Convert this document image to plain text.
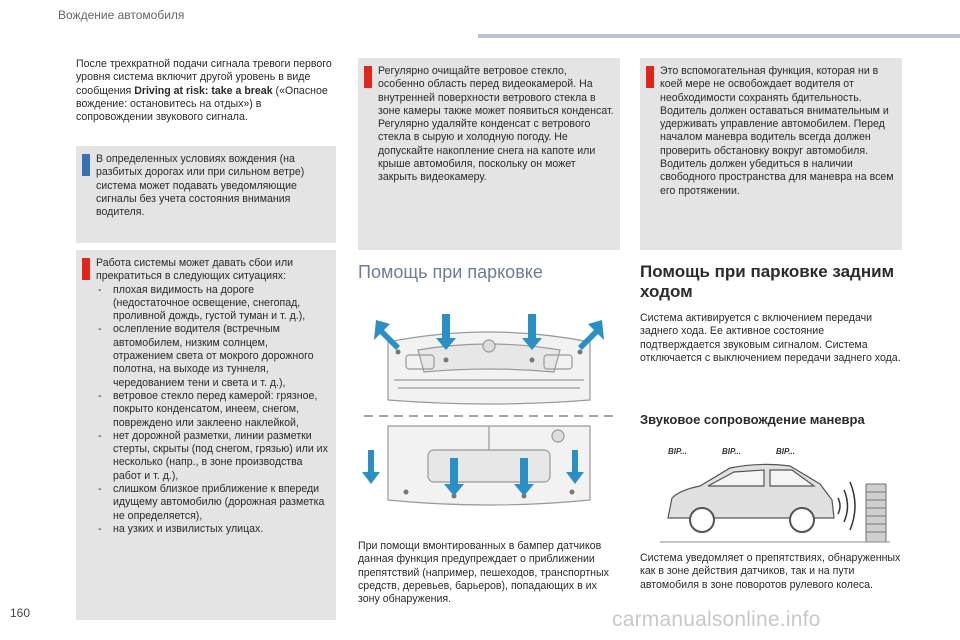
Вождение автомобиля
После трехкратной подачи сигнала тревоги первого уровня система включит другой уровень в виде сообщения Driving at risk: take a break («Опасное вождение: остановитесь на отдых») в сопровождении звукового сигнала.
В определенных условиях вождения (на разбитых дорогах или при сильном ветре) система может подавать уведомляющие сигналы без учета состояния внимания водителя.
Работа системы может давать сбои или прекратиться в следующих ситуациях:
- плохая видимость на дороге (недостаточное освещение, снегопад, проливной дождь, густой туман и т. д.),
- ослепление водителя (встречным автомобилем, низким солнцем, отражением света от мокрого дорожного полотна, на выходе из туннеля, чередованием тени и света и т. д.),
- ветровое стекло перед камерой: грязное, покрыто конденсатом, инеем, снегом, повреждено или заклеено наклейкой,
- нет дорожной разметки, линии разметки стерты, скрыты (под снегом, грязью) или их несколько (напр., в зоне производства работ и т. д.),
- слишком близкое приближение к впереди идущему автомобилю (дорожная разметка не определяется),
- на узких и извилистых улицах.
Регулярно очищайте ветровое стекло, особенно область перед видеокамерой. На внутренней поверхности ветрового стекла в зоне камеры также может появиться конденсат. Регулярно удаляйте конденсат с ветрового стекла в сырую и холодную погоду. Не допускайте накопление снега на капоте или крыше автомобиля, поскольку он может закрыть видеокамеру.
Помощь при парковке
При помощи вмонтированных в бампер датчиков данная функция предупреждает о приближении препятствий (например, пешеходов, транспортных средств, деревьев, барьеров), попадающих в их зону обнаружения.
Это вспомогательная функция, которая ни в коей мере не освобождает водителя от необходимости сохранять бдительность. Водитель должен оставаться внимательным и удерживать управление автомобилем. Перед началом маневра водитель всегда должен проверить обстановку вокруг автомобиля. Водитель должен убедиться в наличии свободного пространства для маневра на всем его протяжении.
Помощь при парковке задним ходом
Система активируется с включением передачи заднего хода. Ее активное состояние подтверждается звуковым сигналом. Система отключается с выключением передачи заднего хода.
Звуковое сопровождение маневра
BIP...	BIP...	BIP...
Система уведомляет о препятствиях, обнаруженных как в зоне действия датчиков, так и на пути автомобиля в зоне поворотов рулевого колеса.
160	carmanualsonline.info
